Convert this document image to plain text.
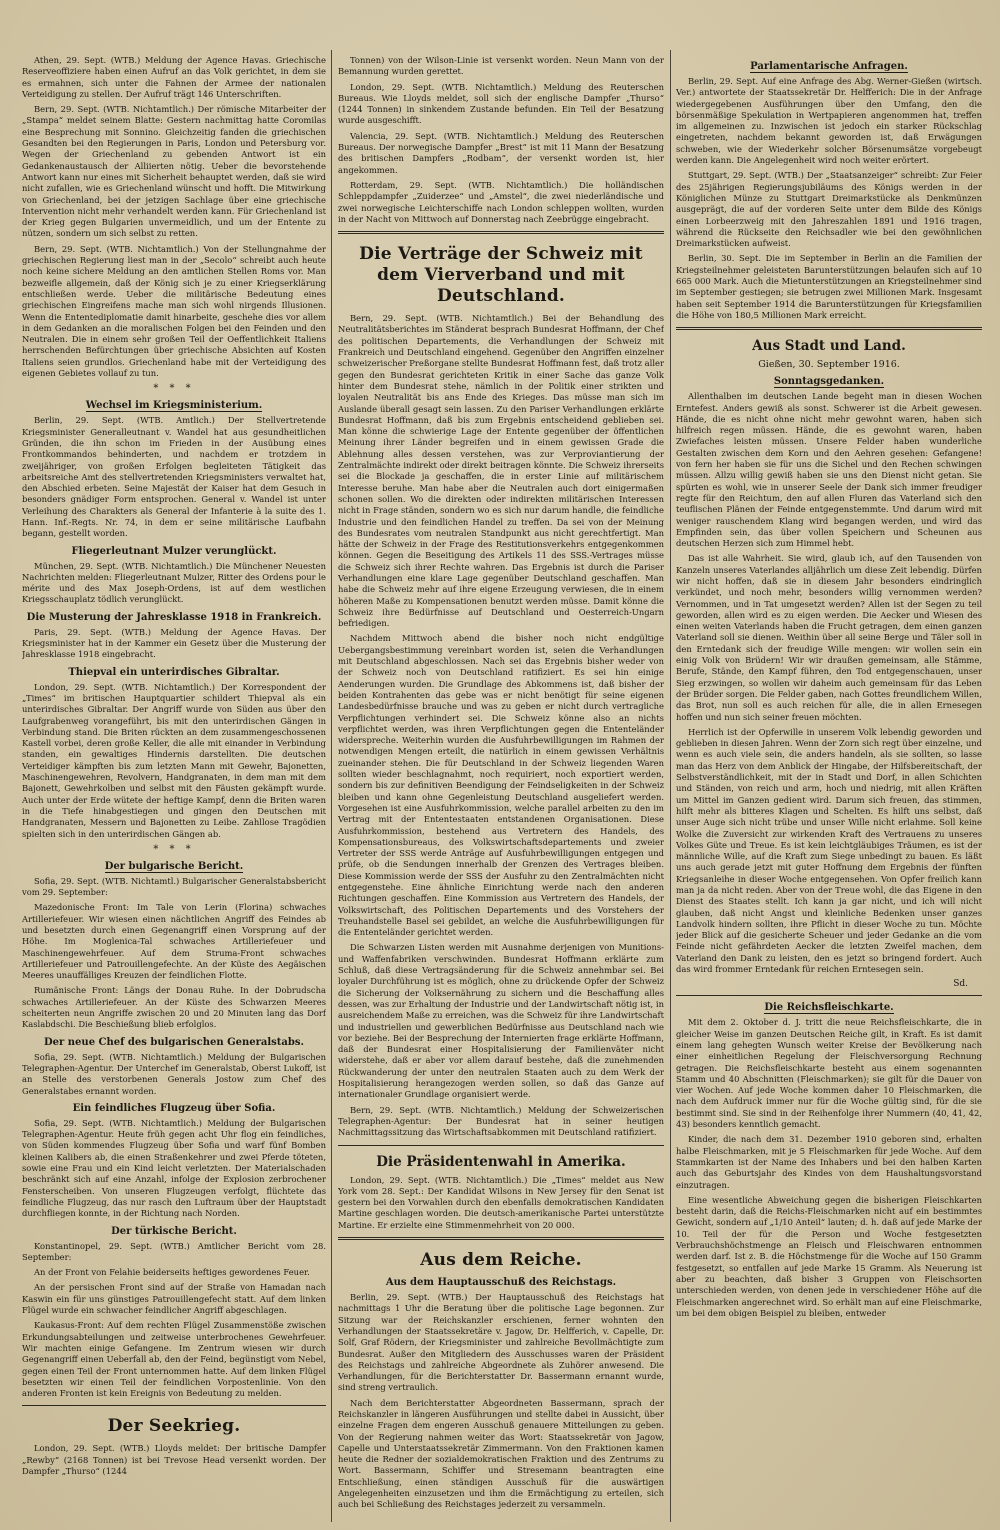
Athen, 29. Sept. (WTB.) Meldung der Agence Havas. Griechische Reserveoffiziere haben einen Aufruf an das Volk gerichtet, in dem sie es ermahnen, sich unter die Fahnen der Armee der nationalen Verteidigung zu stellen. Der Aufruf trägt 146 Unterschriften.

Bern, 29. Sept. (WTB. Nichtamtlich.) Der römische Mitarbeiter der „Stampa“ meldet seinem Blatte: Gestern nachmittag hatte Coromilas eine Besprechung mit Sonnino. Gleichzeitig fanden die griechischen Gesandten bei den Regierungen in Paris, London und Petersburg vor. Wegen der Griechenland zu gebenden Antwort ist ein Gedankenaustausch der Alliierten nötig. Ueber die bevorstehende Antwort kann nur eines mit Sicherheit behauptet werden, daß sie wird nicht zufallen, wie es Griechenland wünscht und hofft. Die Mitwirkung von Griechenland, bei der jetzigen Sachlage über eine griechische Intervention nicht mehr verhandelt werden kann. Für Griechenland ist der Krieg gegen Bulgarien unvermeidlich, und um der Entente zu nützen, sondern um sich selbst zu retten.

Bern, 29. Sept. (WTB. Nichtamtlich.) Von der Stellungnahme der griechischen Regierung liest man in der „Secolo“ schreibt auch heute noch keine sichere Meldung an den amtlichen Stellen Roms vor. Man bezweifle allgemein, daß der König sich je zu einer Kriegserklärung entschließen werde. Ueber die militärische Bedeutung eines griechischen Eingreifens mache man sich wohl nirgends Illusionen. Wenn die Ententediplomatie damit hinarbeite, geschehe dies vor allem in dem Gedanken an die moralischen Folgen bei den Feinden und den Neutralen. Die in einem sehr großen Teil der Oeffentlichkeit Italiens herrschenden Befürchtungen über griechische Absichten auf Kosten Italiens seien grundlos. Griechenland habe mit der Verteidigung des eigenen Gebietes vollauf zu tun.

* * *
Wechsel im Kriegsministerium.

Berlin, 29. Sept. (WTB. Amtlich.) Der Stellvertretende Kriegsminister Generalleutnant v. Wandel hat aus gesundheitlichen Gründen, die ihn schon im Frieden in der Ausübung eines Frontkommandos behinderten, und nachdem er trotzdem in zweijähriger, von großen Erfolgen begleiteten Tätigkeit das arbeitsreiche Amt des stellvertretenden Kriegsministers verwaltet hat, den Abschied erbeten. Seine Majestät der Kaiser hat dem Gesuch in besonders gnädiger Form entsprochen. General v. Wandel ist unter Verleihung des Charakters als General der Infanterie à la suite des 1. Hann. Inf.-Regts. Nr. 74, in dem er seine militärische Laufbahn begann, gestellt worden.

Fliegerleutnant Mulzer verunglückt.

München, 29. Sept. (WTB. Nichtamtlich.) Die Münchener Neuesten Nachrichten melden: Fliegerleutnant Mulzer, Ritter des Ordens pour le mérite und des Max Joseph-Ordens, ist auf dem westlichen Kriegsschauplatz tödlich verunglückt.

Die Musterung der Jahresklasse 1918 in Frankreich.

Paris, 29. Sept. (WTB.) Meldung der Agence Havas. Der Kriegsminister hat in der Kammer ein Gesetz über die Musterung der Jahresklasse 1918 eingebracht.

Thiepval ein unterirdisches Gibraltar.

London, 29. Sept. (WTB. Nichtamtlich.) Der Korrespondent der „Times“ im britischen Hauptquartier schildert Thiepval als ein unterirdisches Gibraltar. Der Angriff wurde von Süden aus über den Laufgrabenweg vorangeführt, bis mit den unterirdischen Gängen in Verbindung stand. Die Briten rückten an dem zusammengeschossenen Kastell vorbei, deren große Keller, die alle mit einander in Verbindung standen, ein gewaltiges Hindernis darstellten. Die deutschen Verteidiger kämpften bis zum letzten Mann mit Gewehr, Bajonetten, Maschinengewehren, Revolvern, Handgranaten, in dem man mit dem Bajonett, Gewehrkolben und selbst mit den Fäusten gekämpft wurde. Auch unter der Erde wütete der heftige Kampf, denn die Briten waren in die Tiefe hinabgestiegen und gingen den Deutschen mit Handgranaten, Messern und Bajonetten zu Leibe. Zahllose Tragödien spielten sich in den unterirdischen Gängen ab.

* * *
Der bulgarische Bericht.

Sofia, 29. Sept. (WTB. Nichtamtl.) Bulgarischer Generalstabsbericht vom 29. September:

Mazedonische Front: Im Tale von Lerin (Florina) schwaches Artilleriefeuer. Wir wiesen einen nächtlichen Angriff des Feindes ab und besetzten durch einen Gegenangriff einen Vorsprung auf der Höhe. Im Moglenica-Tal schwaches Artilleriefeuer und Maschinengewehrfeuer. Auf dem Struma-Front schwaches Artilleriefeuer und Patrouillengefechte. An der Küste des Aegäischen Meeres unauffälliges Kreuzen der feindlichen Flotte.

Rumänische Front: Längs der Donau Ruhe. In der Dobrudscha schwaches Artilleriefeuer. An der Küste des Schwarzen Meeres scheiterten neun Angriffe zwischen 20 und 20 Minuten lang das Dorf Kaslabdschi. Die Beschießung blieb erfolglos.

Der neue Chef des bulgarischen Generalstabs.

Sofia, 29. Sept. (WTB. Nichtamtlich.) Meldung der Bulgarischen Telegraphen-Agentur. Der Unterchef im Generalstab, Oberst Lukoff, ist an Stelle des verstorbenen Generals Jostow zum Chef des Generalstabes ernannt worden.

Ein feindliches Flugzeug über Sofia.

Sofia, 29. Sept. (WTB. Nichtamtlich.) Meldung der Bulgarischen Telegraphen-Agentur. Heute früh gegen acht Uhr flog ein feindliches, von Süden kommendes Flugzeug über Sofia und warf fünf Bomben kleinen Kalibers ab, die einen Straßenkehrer und zwei Pferde töteten, sowie eine Frau und ein Kind leicht verletzten. Der Materialschaden beschränkt sich auf eine Anzahl, infolge der Explosion zerbrochener Fensterscheiben. Von unseren Flugzeugen verfolgt, flüchtete das feindliche Flugzeug, das nur rasch den Luftraum über der Hauptstadt durchfliegen konnte, in der Richtung nach Norden.

Der türkische Bericht.

Konstantinopel, 29. Sept. (WTB.) Amtlicher Bericht vom 28. September:

An der Front von Felahie beiderseits heftiges gewordenes Feuer.

An der persischen Front sind auf der Straße von Hamadan nach Kaswin ein für uns günstiges Patrouillengefecht statt. Auf dem linken Flügel wurde ein schwacher feindlicher Angriff abgeschlagen.

Kaukasus-Front: Auf dem rechten Flügel Zusammenstöße zwischen Erkundungsabteilungen und zeitweise unterbrochenes Gewehrfeuer. Wir machten einige Gefangene. Im Zentrum wiesen wir durch Gegenangriff einen Ueberfall ab, den der Feind, begünstigt vom Nebel, gegen einen Teil der Front unternommen hatte. Auf dem linken Flügel besetzten wir einen Teil der feindlichen Vorpostenlinie. Von den anderen Fronten ist kein Ereignis von Bedeutung zu melden.

Der Seekrieg.

London, 29. Sept. (WTB.) Lloyds meldet: Der britische Dampfer „Rewby“ (2168 Tonnen) ist bei Trevose Head versenkt worden. Der Dampfer „Thurso“ (1244

Tonnen) von der Wilson-Linie ist versenkt worden. Neun Mann von der Bemannung wurden gerettet.

London, 29. Sept. (WTB. Nichtamtlich.) Meldung des Reuterschen Bureaus. Wie Lloyds meldet, soll sich der englische Dampfer „Thurso“ (1244 Tonnen) in sinkendem Zustande befunden. Ein Teil der Besatzung wurde ausgeschifft.

Valencia, 29. Sept. (WTB. Nichtamtlich.) Meldung des Reuterschen Bureaus. Der norwegische Dampfer „Brest“ ist mit 11 Mann der Besatzung des britischen Dampfers „Rodbam“, der versenkt worden ist, hier angekommen.

Rotterdam, 29. Sept. (WTB. Nichtamtlich.) Die holländischen Schleppdampfer „Zuiderzee“ und „Amstel“, die zwei niederländische und zwei norwegische Leichterschiffe nach London schleppen wollten, wurden in der Nacht von Mittwoch auf Donnerstag nach Zeebrügge eingebracht.

Die Verträge der Schweiz mit dem Vierverband und mit Deutschland.

Bern, 29. Sept. (WTB. Nichtamtlich.) Bei der Behandlung des Neutralitätsberichtes im Ständerat besprach Bundesrat Hoffmann, der Chef des politischen Departements, die Verhandlungen der Schweiz mit Frankreich und Deutschland eingehend. Gegenüber den Angriffen einzelner schweizerischer Preßorgane stellte Bundesrat Hoffmann fest, daß trotz aller gegen den Bundesrat gerichteten Kritik in einer Sache das ganze Volk hinter dem Bundesrat stehe, nämlich in der Politik einer strikten und loyalen Neutralität bis ans Ende des Krieges. Das müsse man sich im Auslande überall gesagt sein lassen. Zu den Pariser Verhandlungen erklärte Bundesrat Hoffmann, daß bis zum Ergebnis entscheidend geblieben sei. Man könne die schwierige Lage der Entente gegenüber der öffentlichen Meinung ihrer Länder begreifen und in einem gewissen Grade die Ablehnung alles dessen verstehen, was zur Verproviantierung der Zentralmächte indirekt oder direkt beitragen könnte. Die Schweiz ihrerseits sei die Blockade ja geschaffen, die in erster Linie auf militärischem Interesse beruhe. Man habe aber die Neutralen auch dort einigermaßen schonen sollen. Wo die direkten oder indirekten militärischen Interessen nicht in Frage ständen, sondern wo es sich nur darum handle, die feindliche Industrie und den feindlichen Handel zu treffen. Da sei von der Meinung des Bundesrates vom neutralen Standpunkt aus nicht gerechtfertigt. Man hätte der Schweiz in der Frage des Restitutionsverkehrs entgegenkommen können. Gegen die Beseitigung des Artikels 11 des SSS.-Vertrages müsse die Schweiz sich ihrer Rechte wahren. Das Ergebnis ist durch die Pariser Verhandlungen eine klare Lage gegenüber Deutschland geschaffen. Man habe die Schweiz mehr auf ihre eigene Erzeugung verwiesen, die in einem höheren Maße zu Kompensationen benutzt werden müsse. Damit könne die Schweiz ihre Bedürfnisse auf Deutschland und Oesterreich-Ungarn befriedigen.

Nachdem Mittwoch abend die bisher noch nicht endgültige Uebergangsbestimmung vereinbart worden ist, seien die Verhandlungen mit Deutschland abgeschlossen. Nach sei das Ergebnis bisher weder von der Schweiz noch von Deutschland ratifiziert. Es sei hin einige Aenderungen wurden. Die Grundlage des Abkommens ist, daß bisher der beiden Kontrahenten das gebe was er nicht benötigt für seine eigenen Landesbedürfnisse brauche und was zu geben er nicht durch vertragliche Verpflichtungen verhindert sei. Die Schweiz könne also an nichts verpflichtet werden, was ihren Verpflichtungen gegen die Ententeländer widerspreche. Weiterhin wurden die Ausfuhrbewilligungen im Rahmen der notwendigen Mengen erteilt, die natürlich in einem gewissen Verhältnis zueinander stehen. Die für Deutschland in der Schweiz liegenden Waren sollten wieder beschlagnahmt, noch requiriert, noch exportiert werden, sondern bis zur definitiven Beendigung der Feindseligkeiten in der Schweiz bleiben und kann ohne Gegenleistung Deutschland ausgeliefert werden. Vorgesehen ist eine Ausfuhrkommission, welche parallel arbeiten zu den im Vertrag mit der Ententestaaten entstandenen Organisationen. Diese Ausfuhrkommission, bestehend aus Vertretern des Handels, des Kompensationsbureaus, des Volkswirtschaftsdepartements und zweier Vertreter der SSS werde Anträge auf Ausfuhrbewilligungen entgegen und prüfe, ob die Sendungen innerhalb der Grenzen des Vertrages bleiben. Diese Kommission werde der SSS der Ausfuhr zu den Zentralmächten nicht entgegenstehe. Eine ähnliche Einrichtung werde nach den anderen Richtungen geschaffen. Eine Kommission aus Vertretern des Handels, der Volkswirtschaft, des Politischen Departements und des Vorstehers der Treuhandstelle Basel sei gebildet, an welche die Ausfuhrbewilligungen für die Ententeländer gerichtet werden.

Die Schwarzen Listen werden mit Ausnahme derjenigen von Munitions- und Waffenfabriken verschwinden. Bundesrat Hoffmann erklärte zum Schluß, daß diese Vertragsänderung für die Schweiz annehmbar sei. Bei loyaler Durchführung ist es möglich, ohne zu drückende Opfer der Schweiz die Sicherung der Volksernährung zu sichern und die Beschaffung alles dessen, was zur Erhaltung der Industrie und der Landwirtschaft nötig ist, in ausreichendem Maße zu erreichen, was die Schweiz für ihre Landwirtschaft und industriellen und gewerblichen Bedürfnisse aus Deutschland nach wie vor beziehe. Bei der Besprechung der Internierten frage erklärte Hoffmann, daß der Bundesrat einer Hospitalisierung der Familienväter nicht widerstehe, daß er aber vor allem darauf bestehe, daß die zunehmenden Rückwanderung der unter den neutralen Staaten auch zu dem Werk der Hospitalisierung herangezogen werden sollen, so daß das Ganze auf internationaler Grundlage organisiert werde.

Bern, 29. Sept. (WTB. Nichtamtlich.) Meldung der Schweizerischen Telegraphen-Agentur: Der Bundesrat hat in seiner heutigen Nachmittagssitzung das Wirtschaftsabkommen mit Deutschland ratifiziert.

Die Präsidentenwahl in Amerika.

London, 29. Sept. (WTB. Nichtamtlich.) Die „Times“ meldet aus New York vom 28. Sept.: Der Kandidat Wilsons in New Jersey für den Senat ist gestern bei den Vorwahlen durch den ebenfalls demokratischen Kandidaten Martine geschlagen worden. Die deutsch-amerikanische Partei unterstützte Martine. Er erzielte eine Stimmenmehrheit von 20 000.

Aus dem Reiche.
Aus dem Hauptausschuß des Reichstags.

Berlin, 29. Sept. (WTB.) Der Hauptausschuß des Reichstags hat nachmittags 1 Uhr die Beratung über die politische Lage begonnen. Zur Sitzung war der Reichskanzler erschienen, ferner wohnten den Verhandlungen der Staatssekretäre v. Jagow, Dr. Helfferich, v. Capelle, Dr. Solf, Graf Rödern, der Kriegsminister und zahlreiche Bevollmächtigte zum Bundesrat. Außer den Mitgliedern des Ausschusses waren der Präsident des Reichstags und zahlreiche Abgeordnete als Zuhörer anwesend. Die Verhandlungen, für die Berichterstatter Dr. Bassermann ernannt wurde, sind streng vertraulich.

Nach dem Berichterstatter Abgeordneten Bassermann, sprach der Reichskanzler in längeren Ausführungen und stellte dabei in Aussicht, über einzelne Fragen dem engeren Ausschuß genauere Mitteilungen zu geben. Von der Regierung nahmen weiter das Wort: Staatssekretär von Jagow, Capelle und Unterstaatssekretär Zimmermann. Von den Fraktionen kamen heute die Redner der sozialdemokratischen Fraktion und des Zentrums zu Wort. Bassermann, Schiffer und Stresemann beantragten eine Entschließung, einen ständigen Ausschuß für die auswärtigen Angelegenheiten einzusetzen und ihm die Ermächtigung zu erteilen, sich auch bei Schließung des Reichstages jederzeit zu versammeln.

Parlamentarische Anfragen.

Berlin, 29. Sept. Auf eine Anfrage des Abg. Werner-Gießen (wirtsch. Ver.) antwortete der Staatssekretär Dr. Helfferich: Die in der Anfrage wiedergegebenen Ausführungen über den Umfang, den die börsenmäßige Spekulation in Wertpapieren angenommen hat, treffen im allgemeinen zu. Inzwischen ist jedoch ein starker Rückschlag eingetreten, nachdem bekannt geworden ist, daß Erwägungen schweben, wie der Wiederkehr solcher Börsenumsätze vorgebeugt werden kann. Die Angelegenheit wird noch weiter erörtert.

Stuttgart, 29. Sept. (WTB.) Der „Staatsanzeiger“ schreibt: Zur Feier des 25jährigen Regierungsjubiläums des Königs werden in der Königlichen Münze zu Stuttgart Dreimarkstücke als Denkmünzen ausgeprägt, die auf der vorderen Seite unter dem Bilde des Königs einen Lorbeerzweig mit den Jahreszahlen 1891 und 1916 tragen, während die Rückseite den Reichsadler wie bei den gewöhnlichen Dreimarkstücken aufweist.

Berlin, 30. Sept. Die im September in Berlin an die Familien der Kriegsteilnehmer geleisteten Barunterstützungen belaufen sich auf 10 665 000 Mark. Auch die Mietunterstützungen an Kriegsteilnehmer sind im September gestiegen; sie betrugen zwei Millionen Mark. Insgesamt haben seit September 1914 die Barunterstützungen für Kriegsfamilien die Höhe von 180,5 Millionen Mark erreicht.

Aus Stadt und Land.
Gießen, 30. September 1916.
Sonntagsgedanken.

Allenthalben im deutschen Lande begeht man in diesen Wochen Erntefest. Anders gewiß als sonst. Schwerer ist die Arbeit gewesen. Hände, die es nicht ohne nicht mehr gewohnt waren, haben sich hilfreich regen müssen. Hände, die es gewohnt waren, haben Zwiefaches leisten müssen. Unsere Felder haben wunderliche Gestalten zwischen dem Korn und den Aehren gesehen: Gefangene! von fern her haben sie für uns die Sichel und den Rechen schwingen müssen. Allzu willig gewiß haben sie uns den Dienst nicht getan. Sie spürten es wohl, wie in unserer Seele der Dank sich immer freudiger regte für den Reichtum, den auf allen Fluren das Vaterland sich den teuflischen Plänen der Feinde entgegenstemmte. Und darum wird mit weniger rauschendem Klang wird begangen werden, und wird das Empfinden sein, das über vollen Speichern und Scheunen aus deutschen Herzen sich zum Himmel hebt.

Das ist alle Wahrheit. Sie wird, glaub ich, auf den Tausenden von Kanzeln unseres Vaterlandes alljährlich um diese Zeit lebendig. Dürfen wir nicht hoffen, daß sie in diesem Jahr besonders eindringlich verkündet, und noch mehr, besonders willig vernommen werden? Vernommen, und in Tat umgesetzt werden? Allen ist der Segen zu teil geworden, allen wird es zu eigen werden. Die Aecker und Wiesen des einen weiten Vaterlands haben die Frucht getragen, dem einen ganzen Vaterland soll sie dienen. Weithin über all seine Berge und Täler soll in den Erntedank sich der freudige Wille mengen: wir wollen sein ein einig Volk von Brüdern! Wir wir draußen gemeinsam, alle Stämme, Berufe, Stände, den Kampf führen, den Tod entgegenschauen, unser Sieg erzwingen, so wollen wir daheim auch gemeinsam für das Leben der Brüder sorgen. Die Felder gaben, nach Gottes freundlichem Willen, das Brot, nun soll es auch reichen für alle, die in allen Ernesegen hoffen und nun sich seiner freuen möchten.

Herrlich ist der Opferwille in unserem Volk lebendig geworden und geblieben in diesen Jahren. Wenn der Zorn sich regt über einzelne, und wenn es auch viele sein, die anders handeln, als sie sollten, so lasse man das Herz von dem Anblick der Hingabe, der Hilfsbereitschaft, der Selbstverständlichkeit, mit der in Stadt und Dorf, in allen Schichten und Ständen, von reich und arm, hoch und niedrig, mit allen Kräften um Mittel im Ganzen gedient wird. Darum sich freuen, das stimmen, hilft mehr als bitteres Klagen und Schelten. Es hilft uns selbst, daß unser Auge sich nicht trübe und unser Wille nicht erlahme. Soll keine Wolke die Zuversicht zur wirkenden Kraft des Vertrauens zu unseres Volkes Güte und Treue. Es ist kein leichtgläubiges Träumen, es ist der männliche Wille, auf die Kraft zum Siege unbedingt zu bauen. Es läßt uns auch gerade jetzt mit guter Hoffnung dem Ergebnis der fünften Kriegsanleihe in dieser Woche entgegensehen. Von Opfer freilich kann man ja da nicht reden. Aber von der Treue wohl, die das Eigene in den Dienst des Staates stellt. Ich kann ja gar nicht, und ich will nicht glauben, daß nicht Angst und kleinliche Bedenken unser ganzes Landvolk hindern sollten, ihre Pflicht in dieser Woche zu tun. Möchte jeder Blick auf die gesicherte Scheuer und jeder Gedanke an die vom Feinde nicht gefährdeten Aecker die letzten Zweifel machen, dem Vaterland den Dank zu leisten, den es jetzt so bringend fordert. Auch das wird frommer Erntedank für reichen Erntesegen sein.

Sd.
Die Reichsfleischkarte.

Mit dem 2. Oktober d. J. tritt die neue Reichsfleischkarte, die in gleicher Weise im ganzen Deutschen Reiche gilt, in Kraft. Es ist damit einem lang gehegten Wunsch weiter Kreise der Bevölkerung nach einer einheitlichen Regelung der Fleischversorgung Rechnung getragen. Die Reichsfleischkarte besteht aus einem sogenannten Stamm und 40 Abschnitten (Fleischmarken); sie gilt für die Dauer von vier Wochen. Auf jede Woche kommen daher 10 Fleischmarken, die nach dem Aufdruck immer nur für die Woche gültig sind, für die sie bestimmt sind. Sie sind in der Reihenfolge ihrer Nummern (40, 41, 42, 43) besonders kenntlich gemacht.

Kinder, die nach dem 31. Dezember 1910 geboren sind, erhalten halbe Fleischmarken, mit je 5 Fleischmarken für jede Woche. Auf dem Stammkarten ist der Name des Inhabers und bei den halben Karten auch das Geburtsjahr des Kindes von dem Haushaltungsvorstand einzutragen.

Eine wesentliche Abweichung gegen die bisherigen Fleischkarten besteht darin, daß die Reichs-Fleischmarken nicht auf ein bestimmtes Gewicht, sondern auf „1/10 Anteil“ lauten; d. h. daß auf jede Marke der 10. Teil der für die Person und Woche festgesetzten Verbrauchshöchstmenge an Fleisch und Fleischwaren entnommen werden darf. Ist z. B. die Höchstmenge für die Woche auf 150 Gramm festgesetzt, so entfallen auf jede Marke 15 Gramm. Als Neuerung ist aber zu beachten, daß bisher 3 Gruppen von Fleischsorten unterschieden werden, von denen jede in verschiedener Höhe auf die Fleischmarken angerechnet wird. So erhält man auf eine Fleischmarke, um bei dem obigen Beispiel zu bleiben, entweder
